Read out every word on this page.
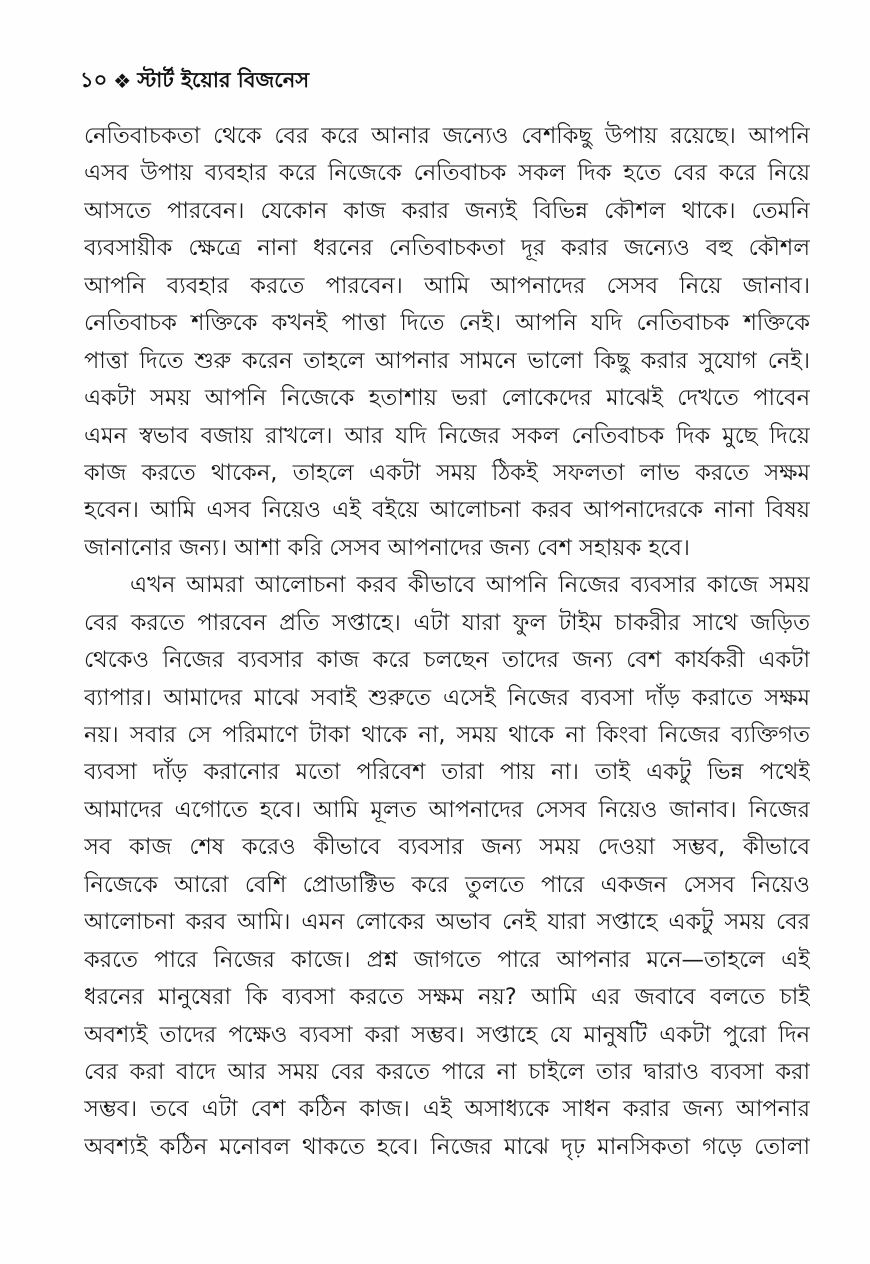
১০ ❖ স্টার্ট ইয়োর বিজনেস
নেতিবাচকতা থেকে বের করে আনার জন্যেও বেশকিছু উপায় রয়েছে। আপনি
এসব উপায় ব্যবহার করে নিজেকে নেতিবাচক সকল দিক হতে বের করে নিয়ে
আসতে পারবেন। যেকোন কাজ করার জন্যই বিভিন্ন কৌশল থাকে। তেমনি
ব্যবসায়ীক ক্ষেত্রে নানা ধরনের নেতিবাচকতা দূর করার জন্যেও বহু কৌশল
আপনি ব্যবহার করতে পারবেন। আমি আপনাদের সেসব নিয়ে জানাব।
নেতিবাচক শক্তিকে কখনই পাত্তা দিতে নেই। আপনি যদি নেতিবাচক শক্তিকে
পাত্তা দিতে শুরু করেন তাহলে আপনার সামনে ভালো কিছু করার সুযোগ নেই।
একটা সময় আপনি নিজেকে হতাশায় ভরা লোকেদের মাঝেই দেখতে পাবেন
এমন স্বভাব বজায় রাখলে। আর যদি নিজের সকল নেতিবাচক দিক মুছে দিয়ে
কাজ করতে থাকেন, তাহলে একটা সময় ঠিকই সফলতা লাভ করতে সক্ষম
হবেন। আমি এসব নিয়েও এই বইয়ে আলোচনা করব আপনাদেরকে নানা বিষয়
জানানোর জন্য। আশা করি সেসব আপনাদের জন্য বেশ সহায়ক হবে।
এখন আমরা আলোচনা করব কীভাবে আপনি নিজের ব্যবসার কাজে সময়
বের করতে পারবেন প্রতি সপ্তাহে। এটা যারা ফুল টাইম চাকরীর সাথে জড়িত
থেকেও নিজের ব্যবসার কাজ করে চলছেন তাদের জন্য বেশ কার্যকরী একটা
ব্যাপার। আমাদের মাঝে সবাই শুরুতে এসেই নিজের ব্যবসা দাঁড় করাতে সক্ষম
নয়। সবার সে পরিমাণে টাকা থাকে না, সময় থাকে না কিংবা নিজের ব্যক্তিগত
ব্যবসা দাঁড় করানোর মতো পরিবেশ তারা পায় না। তাই একটু ভিন্ন পথেই
আমাদের এগোতে হবে। আমি মূলত আপনাদের সেসব নিয়েও জানাব। নিজের
সব কাজ শেষ করেও কীভাবে ব্যবসার জন্য সময় দেওয়া সম্ভব, কীভাবে
নিজেকে আরো বেশি প্রোডাক্টিভ করে তুলতে পারে একজন সেসব নিয়েও
আলোচনা করব আমি। এমন লোকের অভাব নেই যারা সপ্তাহে একটু সময় বের
করতে পারে নিজের কাজে। প্রশ্ন জাগতে পারে আপনার মনে—তাহলে এই
ধরনের মানুষেরা কি ব্যবসা করতে সক্ষম নয়? আমি এর জবাবে বলতে চাই
অবশ্যই তাদের পক্ষেও ব্যবসা করা সম্ভব। সপ্তাহে যে মানুষটি একটা পুরো দিন
বের করা বাদে আর সময় বের করতে পারে না চাইলে তার দ্বারাও ব্যবসা করা
সম্ভব। তবে এটা বেশ কঠিন কাজ। এই অসাধ্যকে সাধন করার জন্য আপনার
অবশ্যই কঠিন মনোবল থাকতে হবে। নিজের মাঝে দৃঢ় মানসিকতা গড়ে তোলা
